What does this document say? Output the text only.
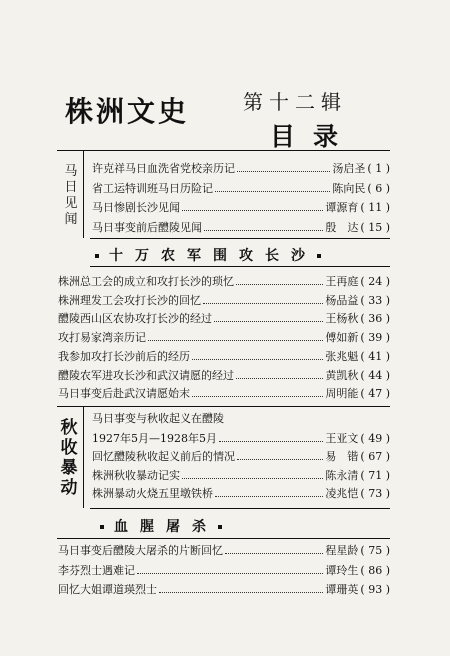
株洲文史	第十二辑
目录
马日见闻
许克祥马日血洗省党校亲历记	汤启圣 ( 1 )
省工运特训班马日历险记	陈向民 ( 6 )
马日惨剧长沙见闻	谭源育 ( 11 )
马日事变前后醴陵见闻	殷　达 ( 15 )
十万农军围攻长沙
株洲总工会的成立和攻打长沙的琐忆	王再庭 ( 24 )
株洲理发工会攻打长沙的回忆	杨品益 ( 33 )
醴陵西山区农协攻打长沙的经过	王杨秋 ( 36 )
攻打易家湾亲历记	傅如新 ( 39 )
我参加攻打长沙前后的经历	张兆魁 ( 41 )
醴陵农军进攻长沙和武汉请愿的经过	黄凯秋 ( 44 )
马日事变后赴武汉请愿始末	周明能 ( 47 )
秋收暴动
马日事变与秋收起义在醴陵
1927年5月—1928年5月	王亚文 ( 49 )
回忆醴陵秋收起义前后的情况	易　锴 ( 67 )
株洲秋收暴动记实	陈永清 ( 71 )
株洲暴动火烧五里墩铁桥	凌兆恺 ( 73 )
血腥屠杀
马日事变后醴陵大屠杀的片断回忆	程星龄 ( 75 )
李芬烈士遇难记	谭玲生 ( 86 )
回忆大姐谭道瑛烈士	谭珊英 ( 93 )
